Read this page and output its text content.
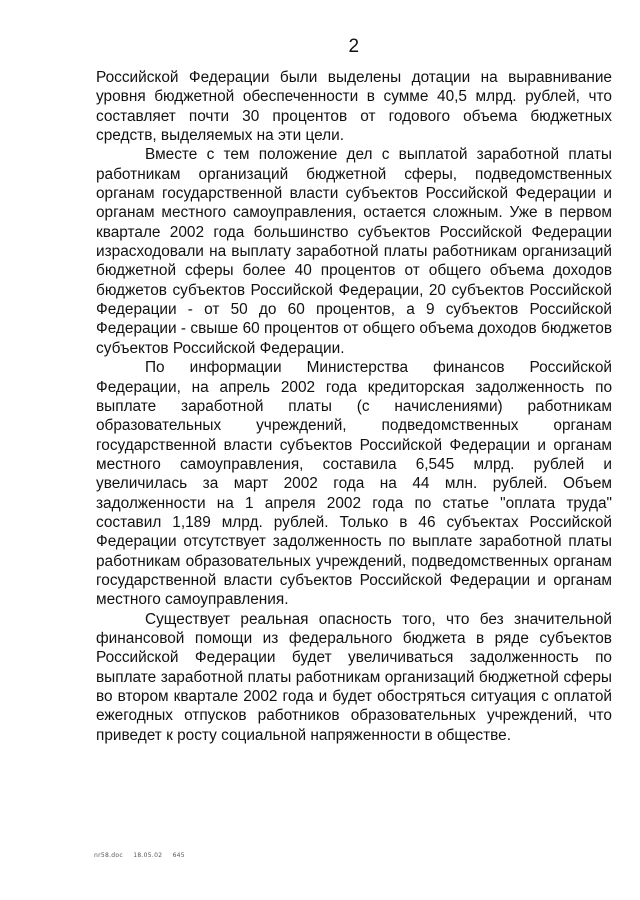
2

Российской Федерации были выделены дотации на выравнивание уровня бюджетной обеспеченности в сумме 40,5 млрд. рублей, что составляет почти 30 процентов от годового объема бюджетных средств, выделяемых на эти цели.

Вместе с тем положение дел с выплатой заработной платы работникам организаций бюджетной сферы, подведомственных органам государственной власти субъектов Российской Федерации и органам местного самоуправления, остается сложным. Уже в первом квартале 2002 года большинство субъектов Российской Федерации израсходовали на выплату заработной платы работникам организаций бюджетной сферы более 40 процентов от общего объема доходов бюджетов субъектов Российской Федерации, 20 субъектов Российской Федерации - от 50 до 60 процентов, а 9 субъектов Российской Федерации - свыше 60 процентов от общего объема доходов бюджетов субъектов Российской Федерации.

По информации Министерства финансов Российской Федерации, на апрель 2002 года кредиторская задолженность по выплате заработной платы (с начислениями) работникам образовательных учреждений, подведомственных органам государственной власти субъектов Российской Федерации и органам местного самоуправления, составила 6,545 млрд. рублей и увеличилась за март 2002 года на 44 млн. рублей. Объем задолженности на 1 апреля 2002 года по статье "оплата труда" составил 1,189 млрд. рублей. Только в 46 субъектах Российской Федерации отсутствует задолженность по выплате заработной платы работникам образовательных учреждений, подведомственных органам государственной власти субъектов Российской Федерации и органам местного самоуправления.

Существует реальная опасность того, что без значительной финансовой помощи из федерального бюджета в ряде субъектов Российской Федерации будет увеличиваться задолженность по выплате заработной платы работникам организаций бюджетной сферы во втором квартале 2002 года и будет обостряться ситуация с оплатой ежегодных отпусков работников образовательных учреждений, что приведет к росту социальной напряженности в обществе.

nr58.doc 18.05.02 645
